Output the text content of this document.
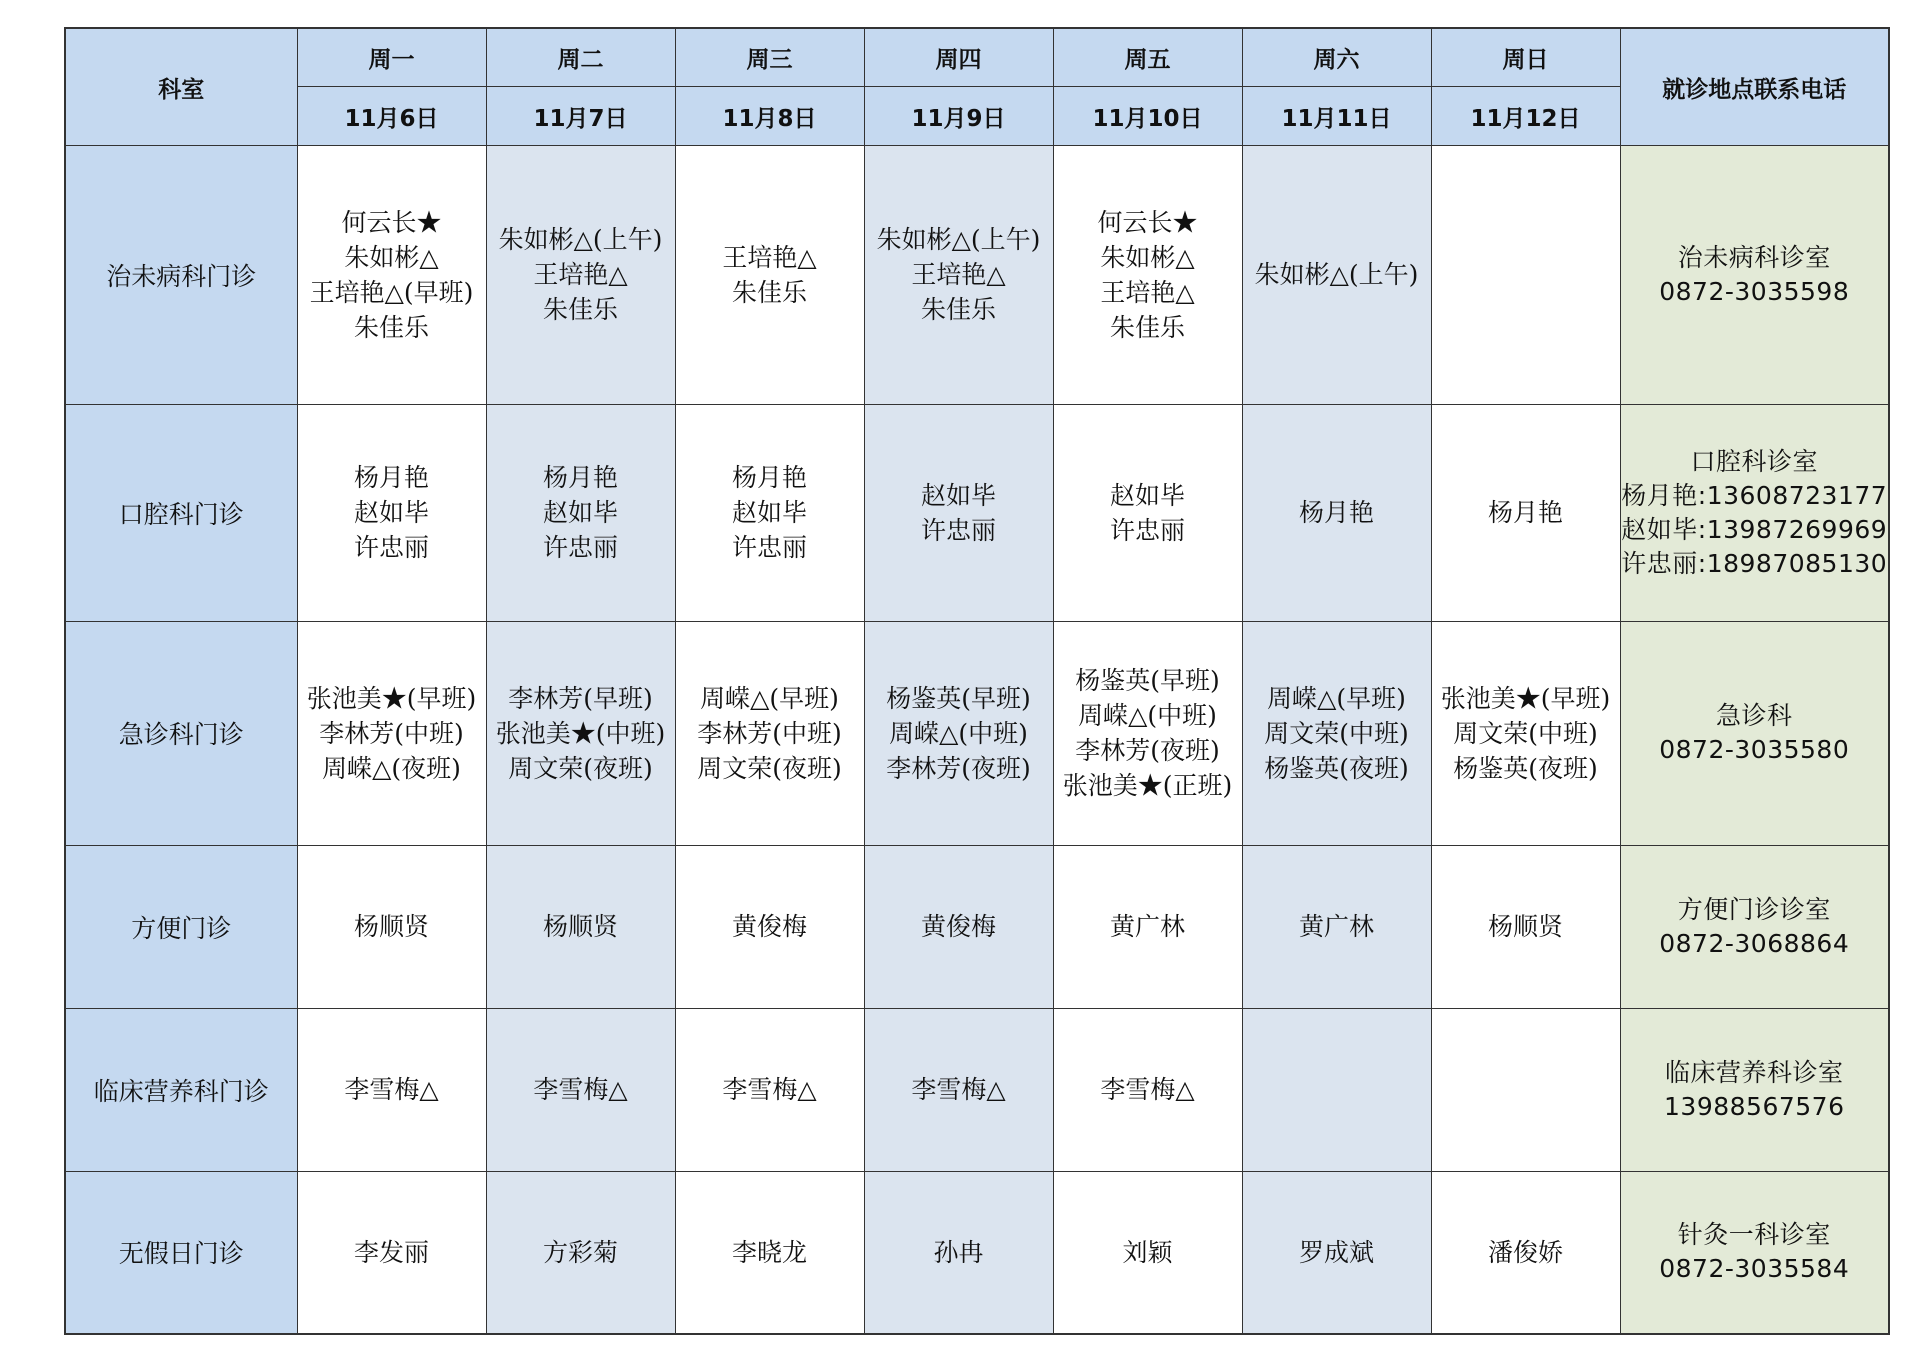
科室	周一	周二	周三	周四	周五	周六	周日	就诊地点联系电话
	11月6日	11月7日	11月8日	11月9日	11月10日	11月11日	11月12日	
治未病科门诊	何云长★
朱如彬△
王培艳△(早班)
朱佳乐	朱如彬△(上午)
王培艳△
朱佳乐	王培艳△
朱佳乐	朱如彬△(上午)
王培艳△
朱佳乐	何云长★
朱如彬△
王培艳△
朱佳乐	朱如彬△(上午)		治未病科诊室
0872-3035598

口腔科门诊	杨月艳
赵如毕
许忠丽	杨月艳
赵如毕
许忠丽	杨月艳
赵如毕
许忠丽	赵如毕
许忠丽	赵如毕
许忠丽	杨月艳	杨月艳	口腔科诊室
杨月艳:13608723177
赵如毕:13987269969
许忠丽:18987085130

急诊科门诊	张池美★(早班)
李林芳(中班)
周嵘△(夜班)	李林芳(早班)
张池美★(中班)
周文荣(夜班)	周嵘△(早班)
李林芳(中班)
周文荣(夜班)	杨鉴英(早班)
周嵘△(中班)
李林芳(夜班)	杨鉴英(早班)
周嵘△(中班)
李林芳(夜班)
张池美★(正班)	周嵘△(早班)
周文荣(中班)
杨鉴英(夜班)	张池美★(早班)
周文荣(中班)
杨鉴英(夜班)	急诊科
0872-3035580

方便门诊	杨顺贤	杨顺贤	黄俊梅	黄俊梅	黄广林	黄广林	杨顺贤	方便门诊诊室
0872-3068864

临床营养科门诊	李雪梅△	李雪梅△	李雪梅△	李雪梅△	李雪梅△			临床营养科诊室
13988567576

无假日门诊	李发丽	方彩菊	李晓龙	孙冉	刘颖	罗成斌	潘俊娇	针灸一科诊室
0872-3035584
